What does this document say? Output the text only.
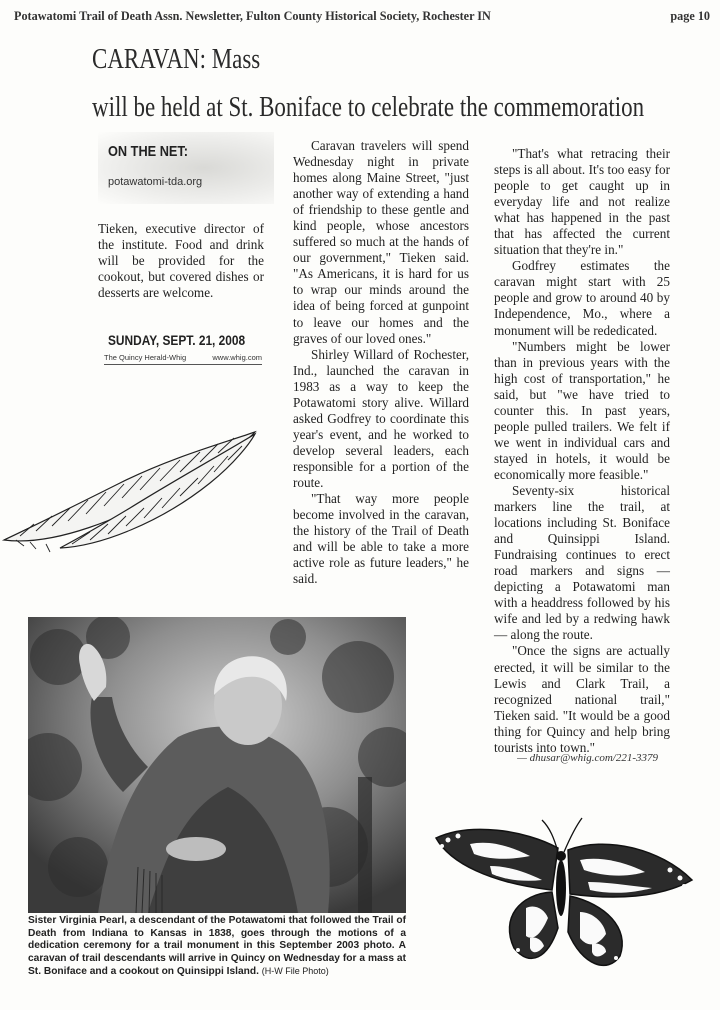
Potawatomi Trail of Death Assn. Newsletter, Fulton County Historical Society, Rochester IN	page 10
CARAVAN: Mass
will be held at St. Boniface to celebrate the commemoration
ON THE NET:
potawatomi-tda.org

Tieken, executive director of the institute. Food and drink will be provided for the cookout, but covered dishes or desserts are welcome.

SUNDAY, SEPT. 21, 2008
The Quincy Herald-Whig	www.whig.com

Caravan travelers will spend Wednesday night in private homes along Maine Street, "just another way of extending a hand of friendship to these gentle and kind people, whose ancestors suffered so much at the hands of our government," Tieken said. "As Americans, it is hard for us to wrap our minds around the idea of being forced at gunpoint to leave our homes and the graves of our loved ones."

Shirley Willard of Rochester, Ind., launched the caravan in 1983 as a way to keep the Potawatomi story alive. Willard asked Godfrey to coordinate this year's event, and he worked to develop several leaders, each responsible for a portion of the route.

"That way more people become involved in the caravan, the history of the Trail of Death and will be able to take a more active role as future leaders," he said.

"That's what retracing their steps is all about. It's too easy for people to get caught up in everyday life and not realize what has happened in the past that has affected the current situation that they're in."

Godfrey estimates the caravan might start with 25 people and grow to around 40 by Independence, Mo., where a monument will be rededicated.

"Numbers might be lower than in previous years with the high cost of transportation," he said, but "we have tried to counter this. In past years, people pulled trailers. We felt if we went in individual cars and stayed in hotels, it would be economically more feasible."

Seventy-six historical markers line the trail, at locations including St. Boniface and Quinsippi Island. Fundraising continues to erect road markers and signs — depicting a Potawatomi man with a headdress followed by his wife and led by a redwing hawk — along the route.

"Once the signs are actually erected, it will be similar to the Lewis and Clark Trail, a recognized national trail," Tieken said. "It would be a good thing for Quincy and help bring tourists into town."

— dhusar@whig.com/221-3379
Sister Virginia Pearl, a descendant of the Potawatomi that followed the Trail of Death from Indiana to Kansas in 1838, goes through the motions of a dedication ceremony for a trail monument in this September 2003 photo. A caravan of trail descendants will arrive in Quincy on Wednesday for a mass at St. Boniface and a cookout on Quinsippi Island. (H-W File Photo)
